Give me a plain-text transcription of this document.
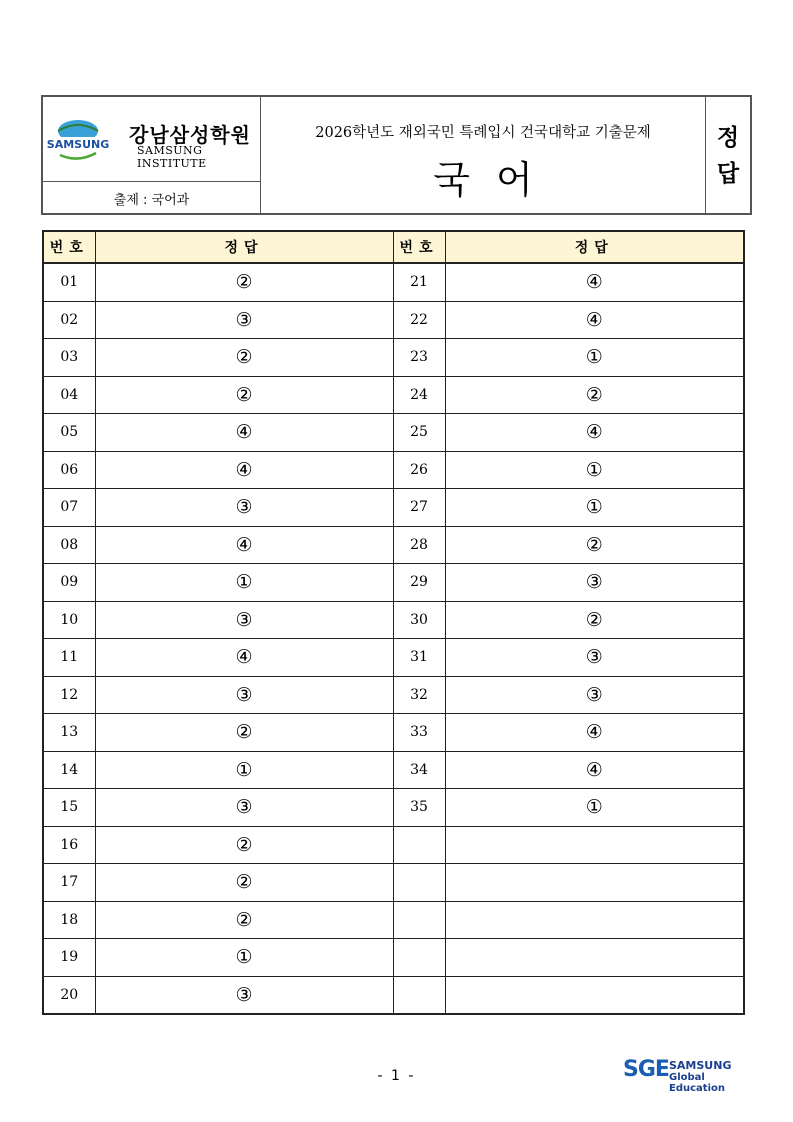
SAMSUNG 강남삼성학원
SAMSUNG INSTITUTE
출제 : 국어과
2026학년도 재외국민 특례입시 건국대학교 기출문제
국어
정
답
번호	정답	번호	정답
01	②	21	④
02	③	22	④
03	②	23	①
04	②	24	②
05	④	25	④
06	④	26	①
07	③	27	①
08	④	28	②
09	①	29	③
10	③	30	②
11	④	31	③
12	③	32	③
13	②	33	④
14	①	34	④
15	③	35	①
16	②		
17	②		
18	②		
19	①		
20	③		
- 1 -	SGE SAMSUNG
Global Education
